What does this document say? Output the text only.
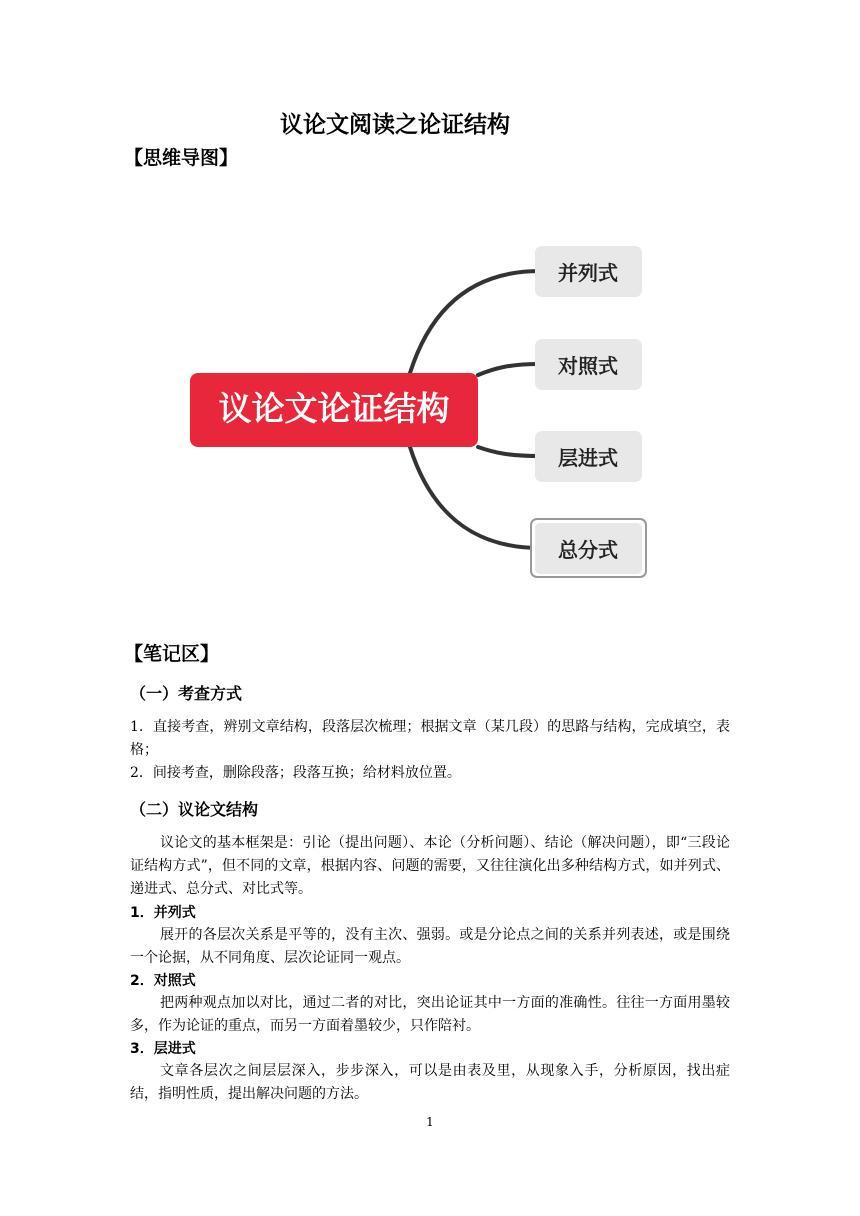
议论文阅读之论证结构
【思维导图】
议论文论证结构
并列式
对照式
层进式
总分式
【笔记区】
（一）考查方式
1．直接考查，辨别文章结构，段落层次梳理；根据文章（某几段）的思路与结构，完成填空，表格；
2．间接考查，删除段落；段落互换；给材料放位置。
（二）议论文结构
议论文的基本框架是：引论（提出问题）、本论（分析问题）、结论（解决问题），即“三段论证结构方式”，但不同的文章，根据内容、问题的需要，又往往演化出多种结构方式，如并列式、递进式、总分式、对比式等。
1．并列式
展开的各层次关系是平等的，没有主次、强弱。或是分论点之间的关系并列表述，或是围绕一个论据，从不同角度、层次论证同一观点。
2．对照式
把两种观点加以对比，通过二者的对比，突出论证其中一方面的准确性。往往一方面用墨较多，作为论证的重点，而另一方面着墨较少，只作陪衬。
3．层进式
文章各层次之间层层深入，步步深入，可以是由表及里，从现象入手，分析原因，找出症结，指明性质，提出解决问题的方法。
1
